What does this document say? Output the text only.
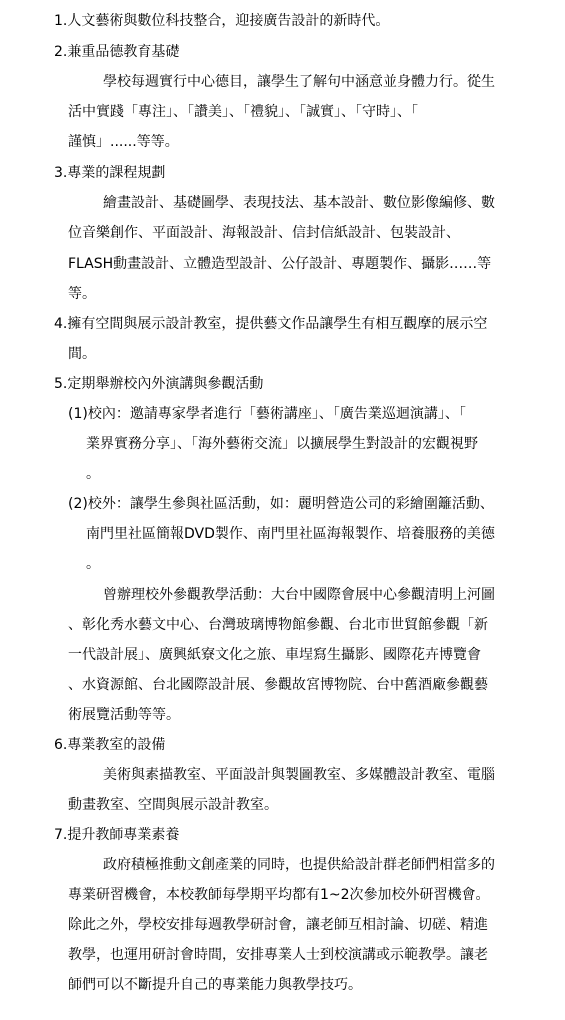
1.人文藝術與數位科技整合，迎接廣告設計的新時代。
2.兼重品德教育基礎
學校每週實行中心德目，讓學生了解句中涵意並身體力行。從生
活中實踐「專注」、「讚美」、「禮貌」、「誠實」、「守時」、「
謹慎」......等等。
3.專業的課程規劃
繪畫設計、基礎圖學、表現技法、基本設計、數位影像編修、數
位音樂創作、平面設計、海報設計、信封信紙設計、包裝設計、
FLASH動畫設計、立體造型設計、公仔設計、專題製作、攝影……等
等。
4.擁有空間與展示設計教室，提供藝文作品讓學生有相互觀摩的展示空
間。
5.定期舉辦校內外演講與參觀活動
(1)校內：邀請專家學者進行「藝術講座」、「廣告業巡迴演講」、「
業界實務分享」、「海外藝術交流」以擴展學生對設計的宏觀視野
。
(2)校外：讓學生參與社區活動，如：麗明營造公司的彩繪圍籬活動、
南門里社區簡報DVD製作、南門里社區海報製作、培養服務的美德
。
曾辦理校外參觀教學活動：大台中國際會展中心參觀清明上河圖
、彰化秀水藝文中心、台灣玻璃博物館參觀、台北市世貿館參觀「新
一代設計展」、廣興紙寮文化之旅、車埕寫生攝影、國際花卉博覽會
、水資源館、台北國際設計展、參觀故宮博物院、台中舊酒廠參觀藝
術展覽活動等等。
6.專業教室的設備
美術與素描教室、平面設計與製圖教室、多媒體設計教室、電腦
動畫教室、空間與展示設計教室。
7.提升教師專業素養
政府積極推動文創產業的同時，也提供給設計群老師們相當多的
專業研習機會，本校教師每學期平均都有1~2次參加校外研習機會。
除此之外，學校安排每週教學研討會，讓老師互相討論、切磋、精進
教學，也運用研討會時間，安排專業人士到校演講或示範教學。讓老
師們可以不斷提升自己的專業能力與教學技巧。
